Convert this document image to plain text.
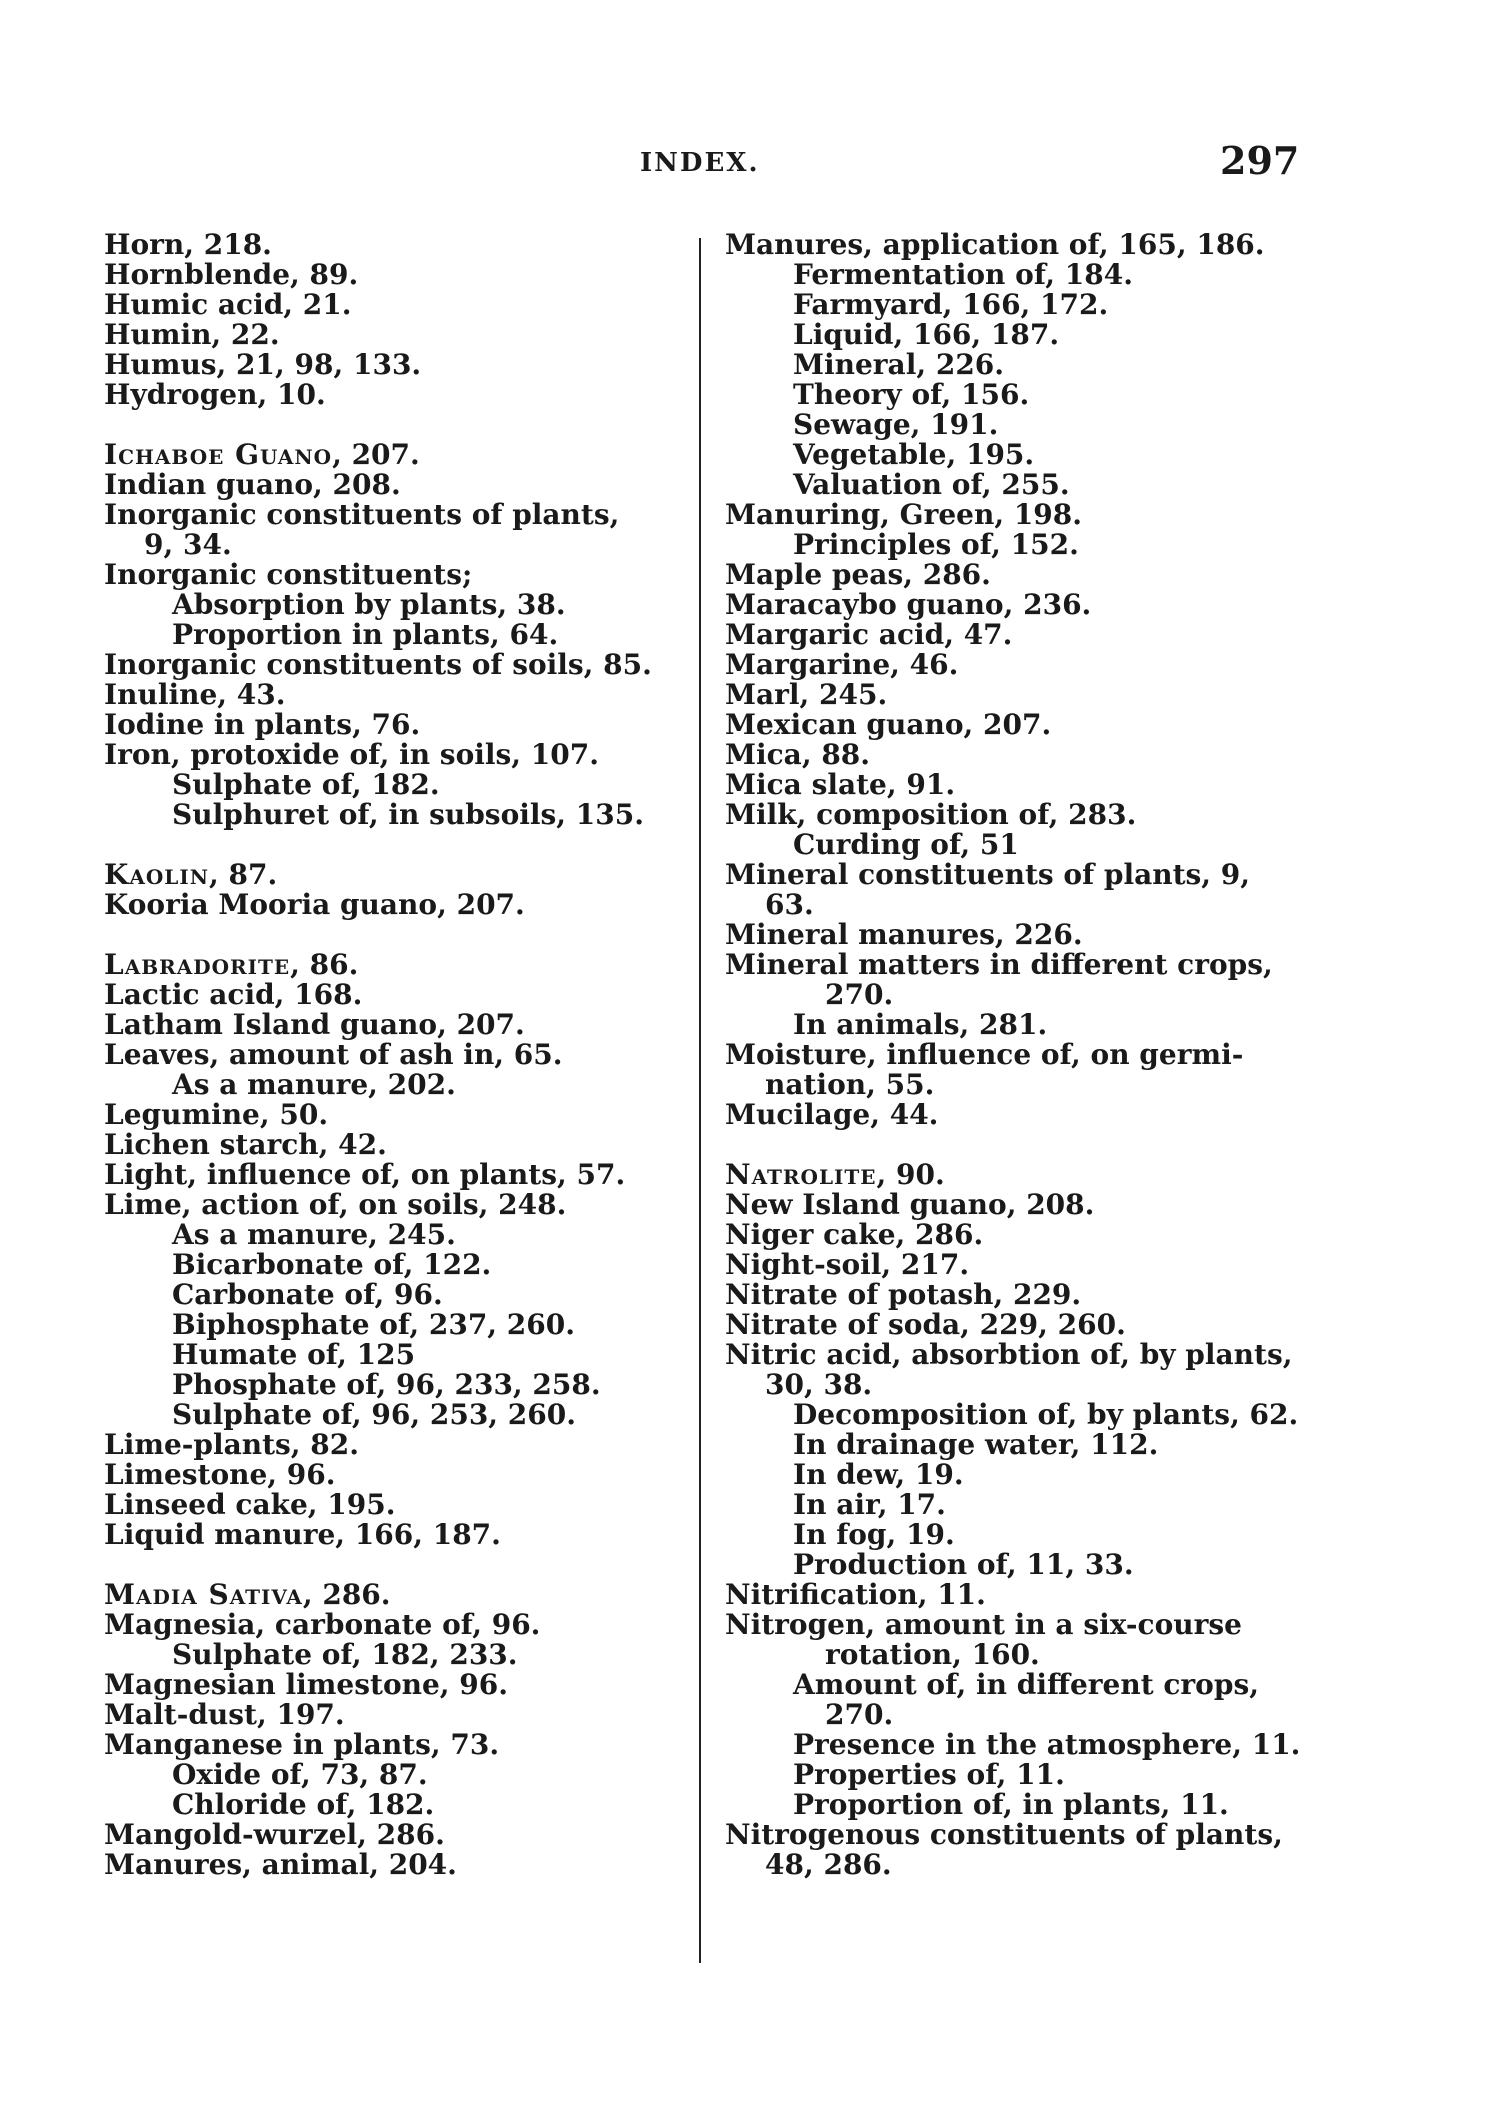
INDEX.	297
Horn, 218.
Hornblende, 89.
Humic acid, 21.
Humin, 22.
Humus, 21, 98, 133.
Hydrogen, 10.
Ichaboe Guano, 207.
Indian guano, 208.
Inorganic constituents of plants,
9, 34.
Inorganic constituents;
Absorption by plants, 38.
Proportion in plants, 64.
Inorganic constituents of soils, 85.
Inuline, 43.
Iodine in plants, 76.
Iron, protoxide of, in soils, 107.
Sulphate of, 182.
Sulphuret of, in subsoils, 135.
Kaolin, 87.
Kooria Mooria guano, 207.
Labradorite, 86.
Lactic acid, 168.
Latham Island guano, 207.
Leaves, amount of ash in, 65.
As a manure, 202.
Legumine, 50.
Lichen starch, 42.
Light, influence of, on plants, 57.
Lime, action of, on soils, 248.
As a manure, 245.
Bicarbonate of, 122.
Carbonate of, 96.
Biphosphate of, 237, 260.
Humate of, 125
Phosphate of, 96, 233, 258.
Sulphate of, 96, 253, 260.
Lime-plants, 82.
Limestone, 96.
Linseed cake, 195.
Liquid manure, 166, 187.
Madia Sativa, 286.
Magnesia, carbonate of, 96.
Sulphate of, 182, 233.
Magnesian limestone, 96.
Malt-dust, 197.
Manganese in plants, 73.
Oxide of, 73, 87.
Chloride of, 182.
Mangold-wurzel, 286.
Manures, animal, 204.
Manures, application of, 165, 186.
Fermentation of, 184.
Farmyard, 166, 172.
Liquid, 166, 187.
Mineral, 226.
Theory of, 156.
Sewage, 191.
Vegetable, 195.
Valuation of, 255.
Manuring, Green, 198.
Principles of, 152.
Maple peas, 286.
Maracaybo guano, 236.
Margaric acid, 47.
Margarine, 46.
Marl, 245.
Mexican guano, 207.
Mica, 88.
Mica slate, 91.
Milk, composition of, 283.
Curding of, 51
Mineral constituents of plants, 9,
63.
Mineral manures, 226.
Mineral matters in different crops,
270.
In animals, 281.
Moisture, influence of, on germi-
nation, 55.
Mucilage, 44.
Natrolite, 90.
New Island guano, 208.
Niger cake, 286.
Night-soil, 217.
Nitrate of potash, 229.
Nitrate of soda, 229, 260.
Nitric acid, absorbtion of, by plants,
30, 38.
Decomposition of, by plants, 62.
In drainage water, 112.
In dew, 19.
In air, 17.
In fog, 19.
Production of, 11, 33.
Nitrification, 11.
Nitrogen, amount in a six-course
rotation, 160.
Amount of, in different crops,
270.
Presence in the atmosphere, 11.
Properties of, 11.
Proportion of, in plants, 11.
Nitrogenous constituents of plants,
48, 286.
